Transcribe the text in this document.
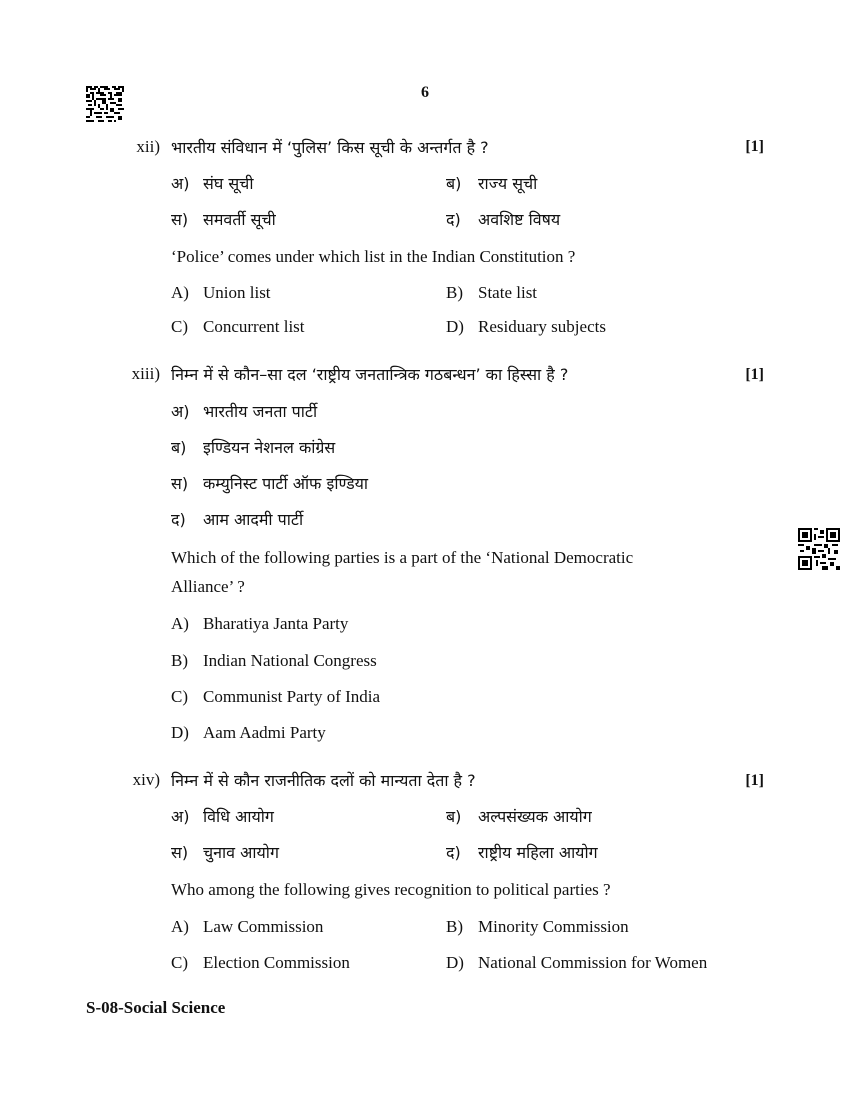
6
xii) भारतीय संविधान में ‘पुलिस’ किस सूची के अन्तर्गत है ?	[1]
अ) संघ सूची	ब) राज्य सूची
स) समवर्ती सूची	द) अवशिष्ट विषय
‘Police’ comes under which list in the Indian Constitution ?
A) Union list	B) State list
C) Concurrent list	D) Residuary subjects
xiii) निम्न में से कौन–सा दल ‘राष्ट्रीय जनतान्त्रिक गठबन्धन’ का हिस्सा है ?	[1]
अ) भारतीय जनता पार्टी
ब) इण्डियन नेशनल कांग्रेस
स) कम्युनिस्ट पार्टी ऑफ इण्डिया
द) आम आदमी पार्टी
Which of the following parties is a part of the ‘National Democratic
Alliance’ ?
A) Bharatiya Janta Party
B) Indian National Congress
C) Communist Party of India
D) Aam Aadmi Party
xiv) निम्न में से कौन राजनीतिक दलों को मान्यता देता है ?	[1]
अ) विधि आयोग	ब) अल्पसंख्यक आयोग
स) चुनाव आयोग	द) राष्ट्रीय महिला आयोग
Who among the following gives recognition to political parties ?
A) Law Commission	B) Minority Commission
C) Election Commission	D) National Commission for Women
S-08-Social Science
